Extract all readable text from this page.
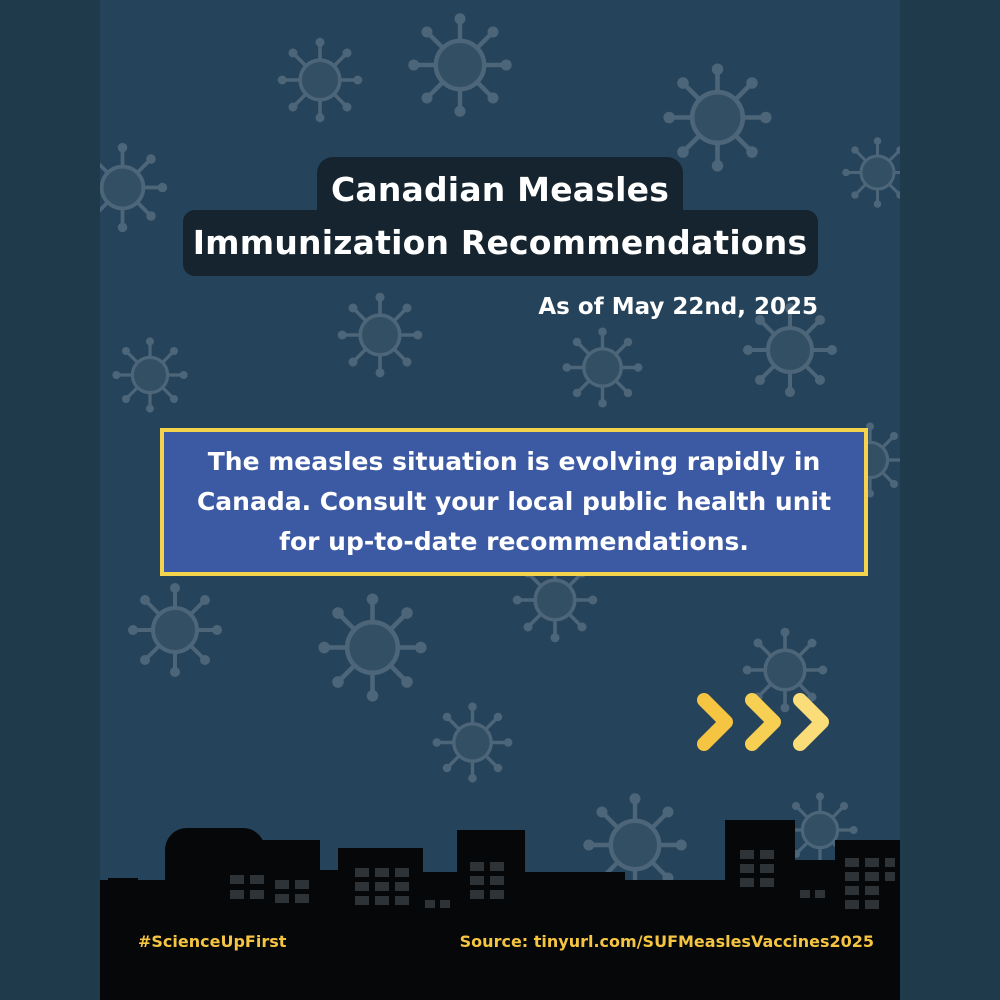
Canadian Measles
Immunization Recommendations
As of May 22nd, 2025
The measles situation is evolving rapidly in Canada. Consult your local public health unit for up-to-date recommendations.
#ScienceUpFirst	Source: tinyurl.com/SUFMeaslesVaccines2025
